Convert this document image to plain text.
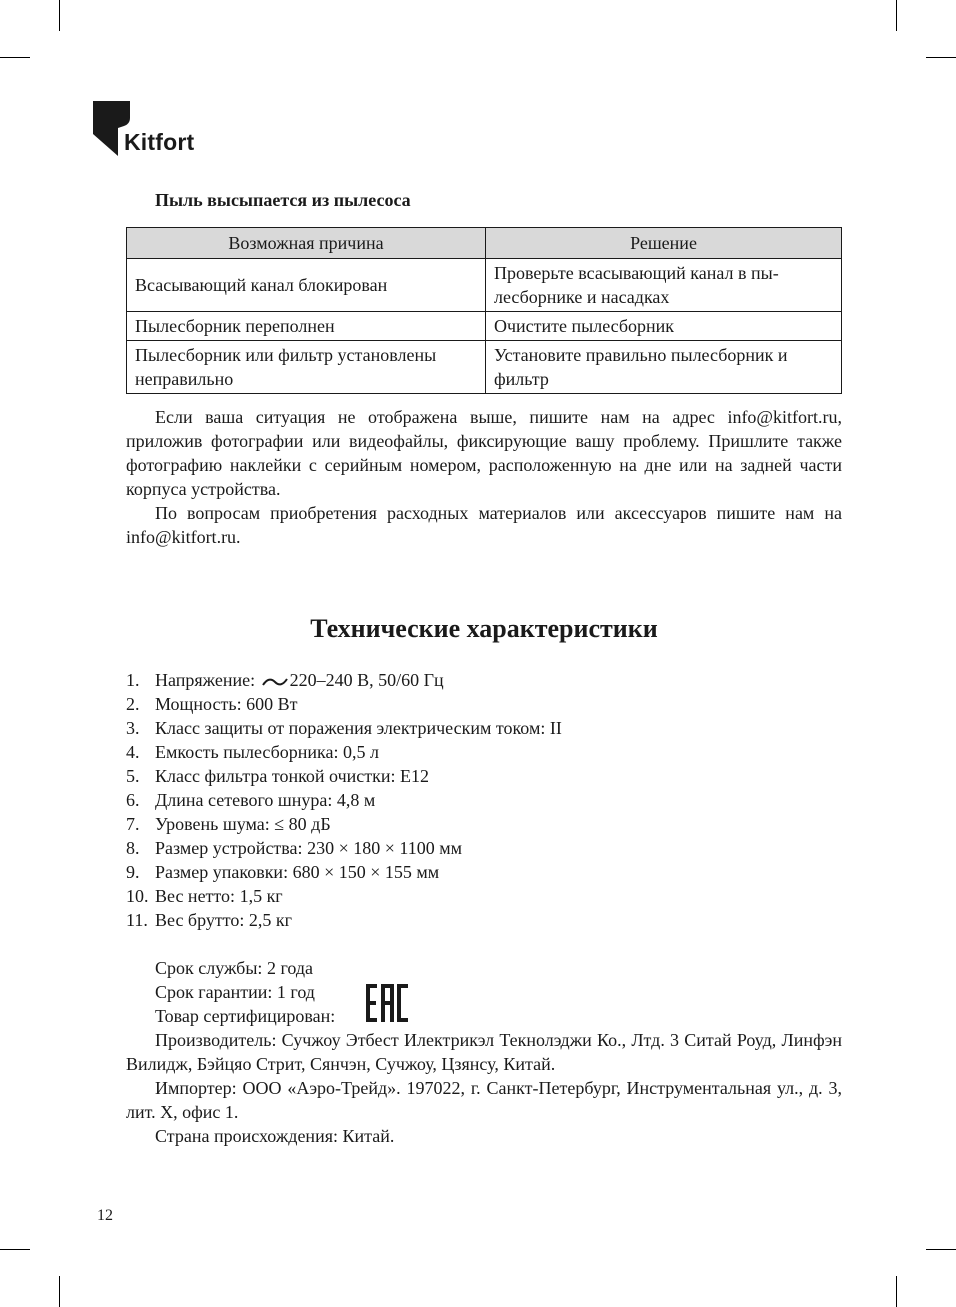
Kitfort
Пыль высыпается из пылесоса
Возможная причина	Решение
Всасывающий канал блокирован	Проверьте всасывающий канал в пы-лесборнике и насадках
Пылесборник переполнен	Очистите пылесборник
Пылесборник или фильтр установлены неправильно	Установите правильно пылесборник и фильтр

Если ваша ситуация не отображена выше, пишите нам на адрес info@kitfort.ru, приложив фотографии или видеофайлы, фиксирующие вашу проблему. Пришлите также фотографию наклейки с серийным номером, расположенную на дне или на задней части корпуса устройства.

По вопросам приобретения расходных материалов или аксессуаров пишите нам на info@kitfort.ru.

Технические характеристики
1. Напряжение: 220–240 В, 50/60 Гц
2. Мощность: 600 Вт
3. Класс защиты от поражения электрическим током: II
4. Емкость пылесборника: 0,5 л
5. Класс фильтра тонкой очистки: E12
6. Длина сетевого шнура: 4,8 м
7. Уровень шума: ≤ 80 дБ
8. Размер устройства: 230 × 180 × 1100 мм
9. Размер упаковки: 680 × 150 × 155 мм
10. Вес нетто: 1,5 кг
11. Вес брутто: 2,5 кг
Срок службы: 2 года
Срок гарантии: 1 год
Товар сертифицирован:

Производитель: Сучжоу Этбест Илектрикэл Текнолэджи Ко., Лтд. 3 Ситай Роуд, Линфэн Вилидж, Бэйцяо Стрит, Сянчэн, Сучжоу, Цзянсу, Китай.

Импортер: ООО «Аэро-Трейд». 197022, г. Санкт-Петербург, Инструментальная ул., д. 3, лит. Х, офис 1.

Страна происхождения: Китай.

12
